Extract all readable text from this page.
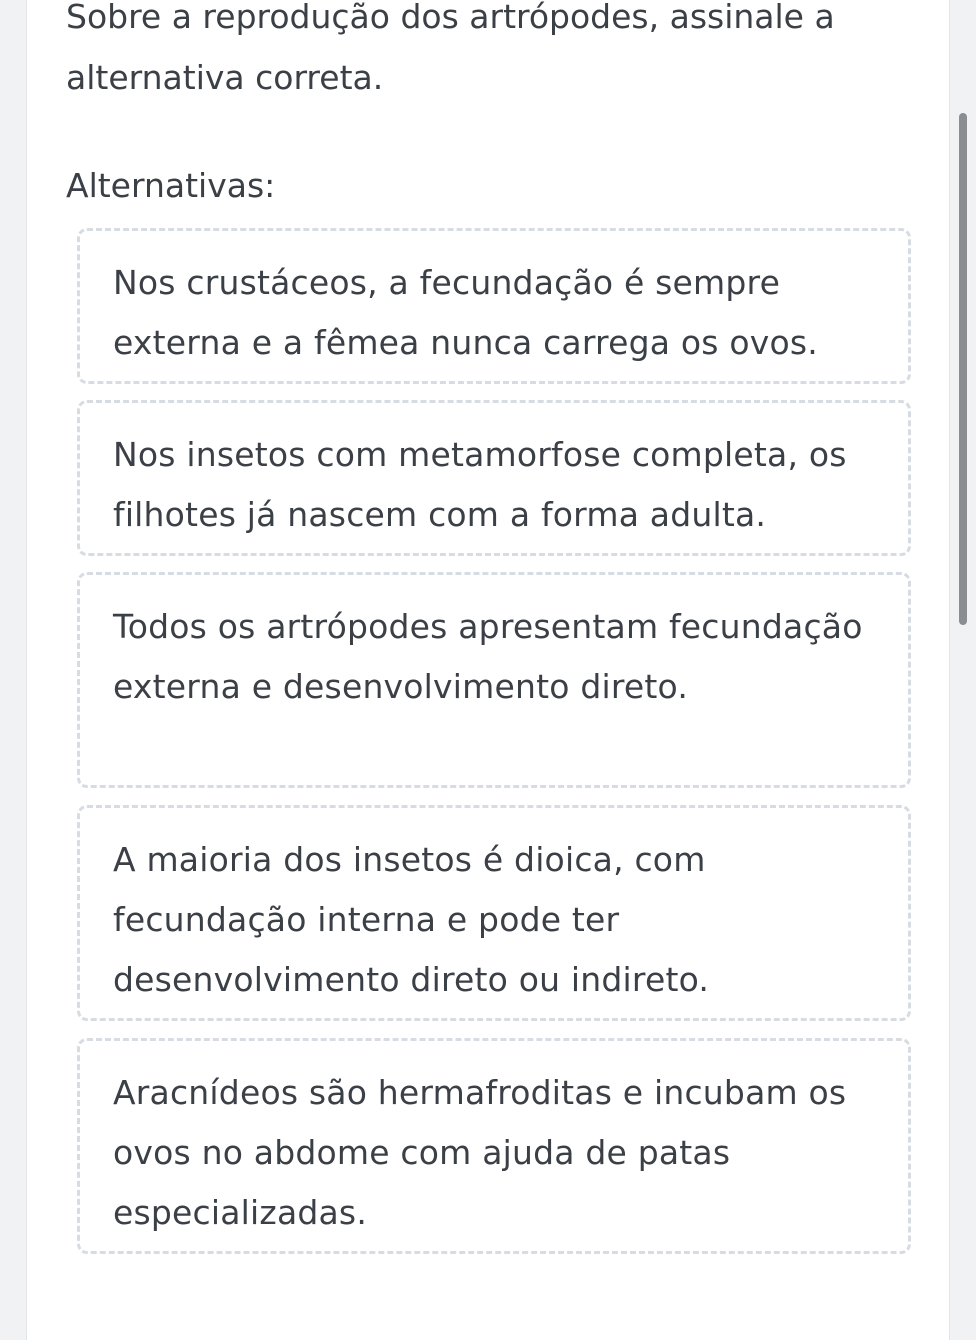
Sobre a reprodução dos artrópodes, assinale a alternativa correta.

Alternativas:

Nos crustáceos, a fecundação é sempre externa e a fêmea nunca carrega os ovos.
Nos insetos com metamorfose completa, os filhotes já nascem com a forma adulta.
Todos os artrópodes apresentam fecundação externa e desenvolvimento direto.
A maioria dos insetos é dioica, com fecundação interna e pode ter desenvolvimento direto ou indireto.
Aracnídeos são hermafroditas e incubam os ovos no abdome com ajuda de patas especializadas.
